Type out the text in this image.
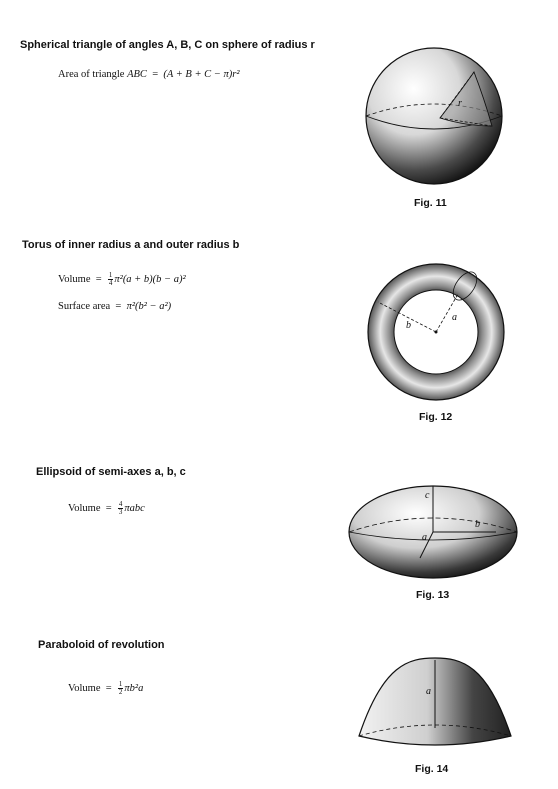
Spherical triangle of angles A, B, C on sphere of radius r
Area of triangle ABC = (A + B + C − π)r²
r
Fig. 11
Torus of inner radius a and outer radius b
Volume = $\frac{1}{4} \pi^2(a + b)(b - a)^2$
Surface area = π²(b² − a²)
b
a
Fig. 12
Ellipsoid of semi-axes a, b, c
Volume = $\frac{4}{3}$ πabc
c
b
a
Fig. 13
Paraboloid of revolution
Volume = $\frac{1}{2} \pi b^2a$	a
Fig. 14
